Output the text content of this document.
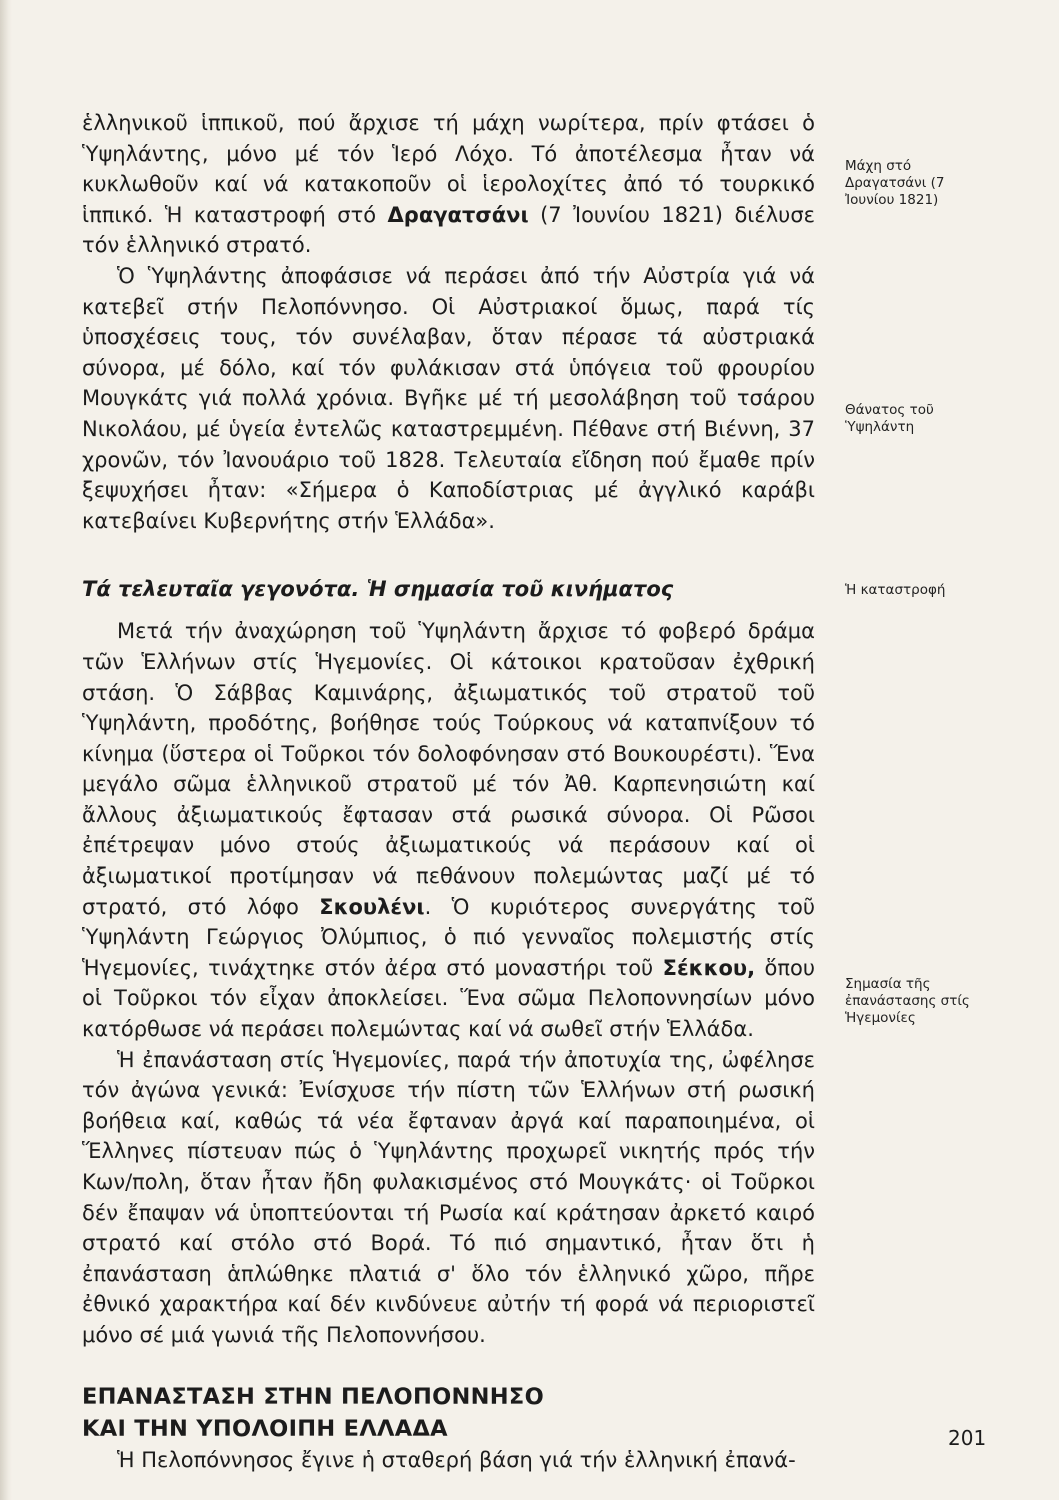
ἑλληνικοῦ ἱππικοῦ, πού ἄρχισε τή μάχη νωρίτερα, πρίν φτάσει ὁ Ὑψηλάντης, μόνο μέ τόν Ἱερό Λόχο. Τό ἀποτέλεσμα ἦταν νά κυκλωθοῦν καί νά κατακοποῦν οἱ ἱερολοχίτες ἀπό τό τουρκικό ἱππικό. Ἡ καταστροφή στό Δραγατσάνι (7 Ἰουνίου 1821) διέλυσε τόν ἑλληνικό στρατό.

Ὁ Ὑψηλάντης ἀποφάσισε νά περάσει ἀπό τήν Αὐστρία γιά νά κατεβεῖ στήν Πελοπόννησο. Οἱ Αὐστριακοί ὅμως, παρά τίς ὑποσχέσεις τους, τόν συνέλαβαν, ὅταν πέρασε τά αὐστριακά σύνορα, μέ δόλο, καί τόν φυλάκισαν στά ὑπόγεια τοῦ φρουρίου Μουγκάτς γιά πολλά χρόνια. Βγῆκε μέ τή μεσολάβηση τοῦ τσάρου Νικολάου, μέ ὑγεία ἐντελῶς καταστρεμμένη. Πέθανε στή Βιέννη, 37 χρονῶν, τόν Ἰανουάριο τοῦ 1828. Τελευταία εἴδηση πού ἔμαθε πρίν ξεψυχήσει ἦταν: «Σήμερα ὁ Καποδίστριας μέ ἀγγλικό καράβι κατεβαίνει Κυβερνήτης στήν Ἑλλάδα».

Τά τελευταῖα γεγονότα. Ἡ σημασία τοῦ κινήματος

Μετά τήν ἀναχώρηση τοῦ Ὑψηλάντη ἄρχισε τό φοβερό δράμα τῶν Ἑλλήνων στίς Ἡγεμονίες. Οἱ κάτοικοι κρατοῦσαν ἐχθρική στάση. Ὁ Σάββας Καμινάρης, ἀξιωματικός τοῦ στρατοῦ τοῦ Ὑψηλάντη, προδότης, βοήθησε τούς Τούρκους νά καταπνίξουν τό κίνημα (ὕστερα οἱ Τοῦρκοι τόν δολοφόνησαν στό Βουκουρέστι). Ἕνα μεγάλο σῶμα ἑλληνικοῦ στρατοῦ μέ τόν Ἀθ. Καρπενησιώτη καί ἄλλους ἀξιωματικούς ἔφτασαν στά ρωσικά σύνορα. Οἱ Ρῶσοι ἐπέτρεψαν μόνο στούς ἀξιωματικούς νά περάσουν καί οἱ ἀξιωματικοί προτίμησαν νά πεθάνουν πολεμώντας μαζί μέ τό στρατό, στό λόφο Σκουλένι. Ὁ κυριότερος συνεργάτης τοῦ Ὑψηλάντη Γεώργιος Ὀλύμπιος, ὁ πιό γενναῖος πολεμιστής στίς Ἡγεμονίες, τινάχτηκε στόν ἀέρα στό μοναστήρι τοῦ Σέκκου, ὅπου οἱ Τοῦρκοι τόν εἶχαν ἀποκλείσει. Ἕνα σῶμα Πελοποννησίων μόνο κατόρθωσε νά περάσει πολεμώντας καί νά σωθεῖ στήν Ἑλλάδα.

Ἡ ἐπανάσταση στίς Ἡγεμονίες, παρά τήν ἀποτυχία της, ὠφέλησε τόν ἀγώνα γενικά: Ἐνίσχυσε τήν πίστη τῶν Ἑλλήνων στή ρωσική βοήθεια καί, καθώς τά νέα ἔφταναν ἀργά καί παραποιημένα, οἱ Ἕλληνες πίστευαν πώς ὁ Ὑψηλάντης προχωρεῖ νικητής πρός τήν Κων/πολη, ὅταν ἦταν ἤδη φυλακισμένος στό Μουγκάτς· οἱ Τοῦρκοι δέν ἔπαψαν νά ὑποπτεύονται τή Ρωσία καί κράτησαν ἀρκετό καιρό στρατό καί στόλο στό Βορά. Τό πιό σημαντικό, ἦταν ὅτι ἡ ἐπανάσταση ἁπλώθηκε πλατιά σ' ὅλο τόν ἑλληνικό χῶρο, πῆρε ἐθνικό χαρακτήρα καί δέν κινδύνευε αὐτήν τή φορά νά περιοριστεῖ μόνο σέ μιά γωνιά τῆς Πελοποννήσου.

ΕΠΑΝΑΣΤΑΣΗ ΣΤΗΝ ΠΕΛΟΠΟΝΝΗΣΟ

ΚΑΙ ΤΗΝ ΥΠΟΛΟΙΠΗ ΕΛΛΑΔΑ

Ἡ Πελοπόννησος ἔγινε ἡ σταθερή βάση γιά τήν ἑλληνική ἐπανά-

Μάχη στό Δραγατσάνι (7 Ἰουνίου 1821)
Θάνατος τοῦ Ὑψηλάντη
Ἡ καταστροφή
Σημασία τῆς ἐπανάστασης στίς Ἡγεμονίες
201
